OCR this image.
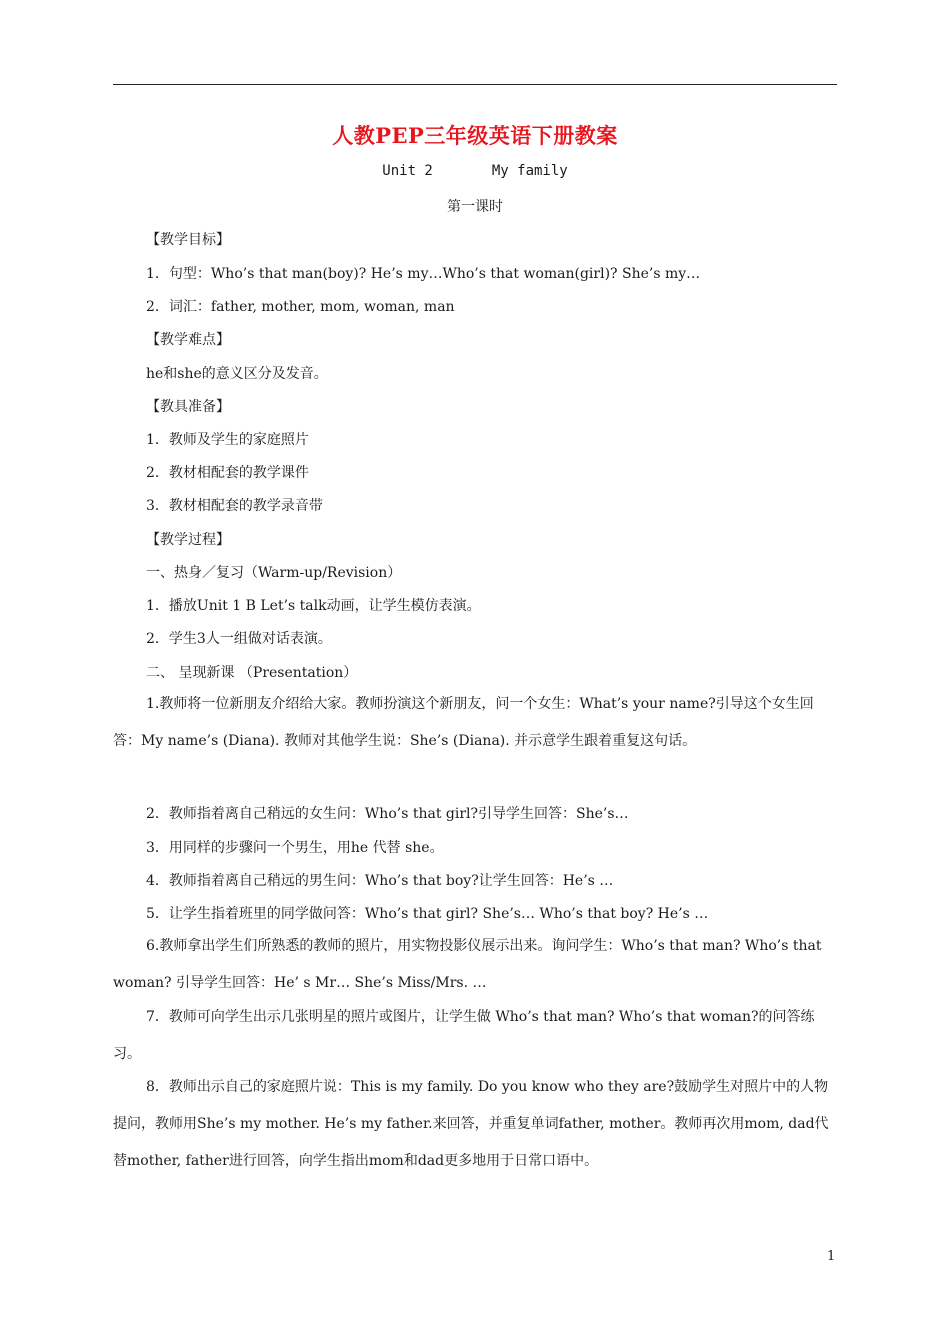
人教PEP三年级英语下册教案
Unit 2       My family
第一课时
【教学目标】
1．句型：Who’s that man(boy)? He’s my…Who’s that woman(girl)? She’s my…
2．词汇：father, mother, mom, woman, man
【教学难点】
he和she的意义区分及发音。
【教具准备】
1．教师及学生的家庭照片
2．教材相配套的教学课件
3．教材相配套的教学录音带
【教学过程】
一、热身／复习（Warm-up/Revision）
1．播放Unit 1 B Let’s talk动画，让学生模仿表演。
2．学生3人一组做对话表演。
二、 呈现新课 （Presentation）
1.教师将一位新朋友介绍给大家。教师扮演这个新朋友，问一个女生：What’s your name?引导这个女生回答：My name’s (Diana). 教师对其他学生说：She’s (Diana). 并示意学生跟着重复这句话。
2．教师指着离自己稍远的女生问：Who’s that girl?引导学生回答：She’s…
3．用同样的步骤问一个男生，用he 代替 she。
4．教师指着离自己稍远的男生问：Who’s that boy?让学生回答：He’s …
5．让学生指着班里的同学做问答：Who’s that girl? She’s… Who’s that boy? He’s …
6.教师拿出学生们所熟悉的教师的照片，用实物投影仪展示出来。询问学生：Who’s that man? Who’s that woman? 引导学生回答：He’ s Mr… She’s Miss/Mrs. …
7．教师可向学生出示几张明星的照片或图片，让学生做 Who’s that man? Who’s that woman?的问答练习。
8．教师出示自己的家庭照片说：This is my family. Do you know who they are?鼓励学生对照片中的人物提问，教师用She’s my mother. He’s my father.来回答，并重复单词father, mother。教师再次用mom, dad代替mother, father进行回答，向学生指出mom和dad更多地用于日常口语中。
1
